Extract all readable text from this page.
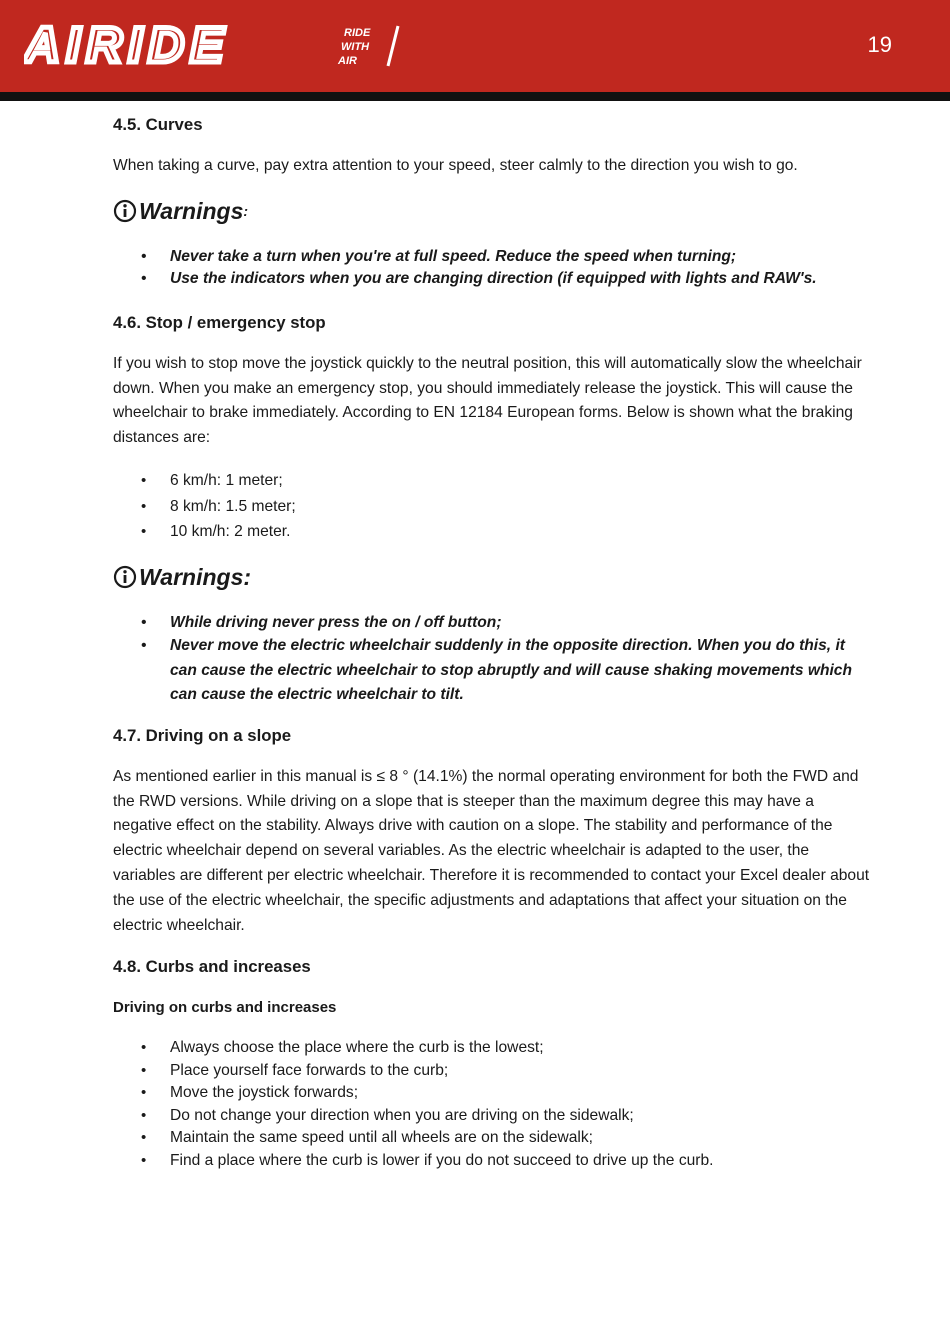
AIRIDE	RIDE
WITH
AIR
19
4.5. Curves

When taking a curve, pay extra attention to your speed, steer calmly to the direction you wish to go.

Warnings :
• Never take a turn when you're at full speed. Reduce the speed when turning;
• Use the indicators when you are changing direction (if equipped with lights and RAW's.
4.6. Stop / emergency stop

If you wish to stop move the joystick quickly to the neutral position, this will automatically slow the wheelchair down. When you make an emergency stop, you should immediately release the joystick. This will cause the wheelchair to brake immediately. According to EN 12184 European forms. Below is shown what the braking distances are:

• 6 km/h: 1 meter;
• 8 km/h: 1.5 meter;
• 10 km/h: 2 meter.
Warnings:
• While driving never press the on / off button;
• Never move the electric wheelchair suddenly in the opposite direction. When you do this, it can cause the electric wheelchair to stop abruptly and will cause shaking movements which can cause the electric wheelchair to tilt.
4.7. Driving on a slope

As mentioned earlier in this manual is ≤ 8 ° (14.1%) the normal operating environment for both the FWD and the RWD versions. While driving on a slope that is steeper than the maximum degree this may have a negative effect on the stability. Always drive with caution on a slope. The stability and performance of the electric wheelchair depend on several variables. As the electric wheelchair is adapted to the user, the variables are different per electric wheelchair. Therefore it is recommended to contact your Excel dealer about the use of the electric wheelchair, the specific adjustments and adaptations that affect your situation on the electric wheelchair.

4.8. Curbs and increases
Driving on curbs and increases
• Always choose the place where the curb is the lowest;
• Place yourself face forwards to the curb;
• Move the joystick forwards;
• Do not change your direction when you are driving on the sidewalk;
• Maintain the same speed until all wheels are on the sidewalk;
• Find a place where the curb is lower if you do not succeed to drive up the curb.
